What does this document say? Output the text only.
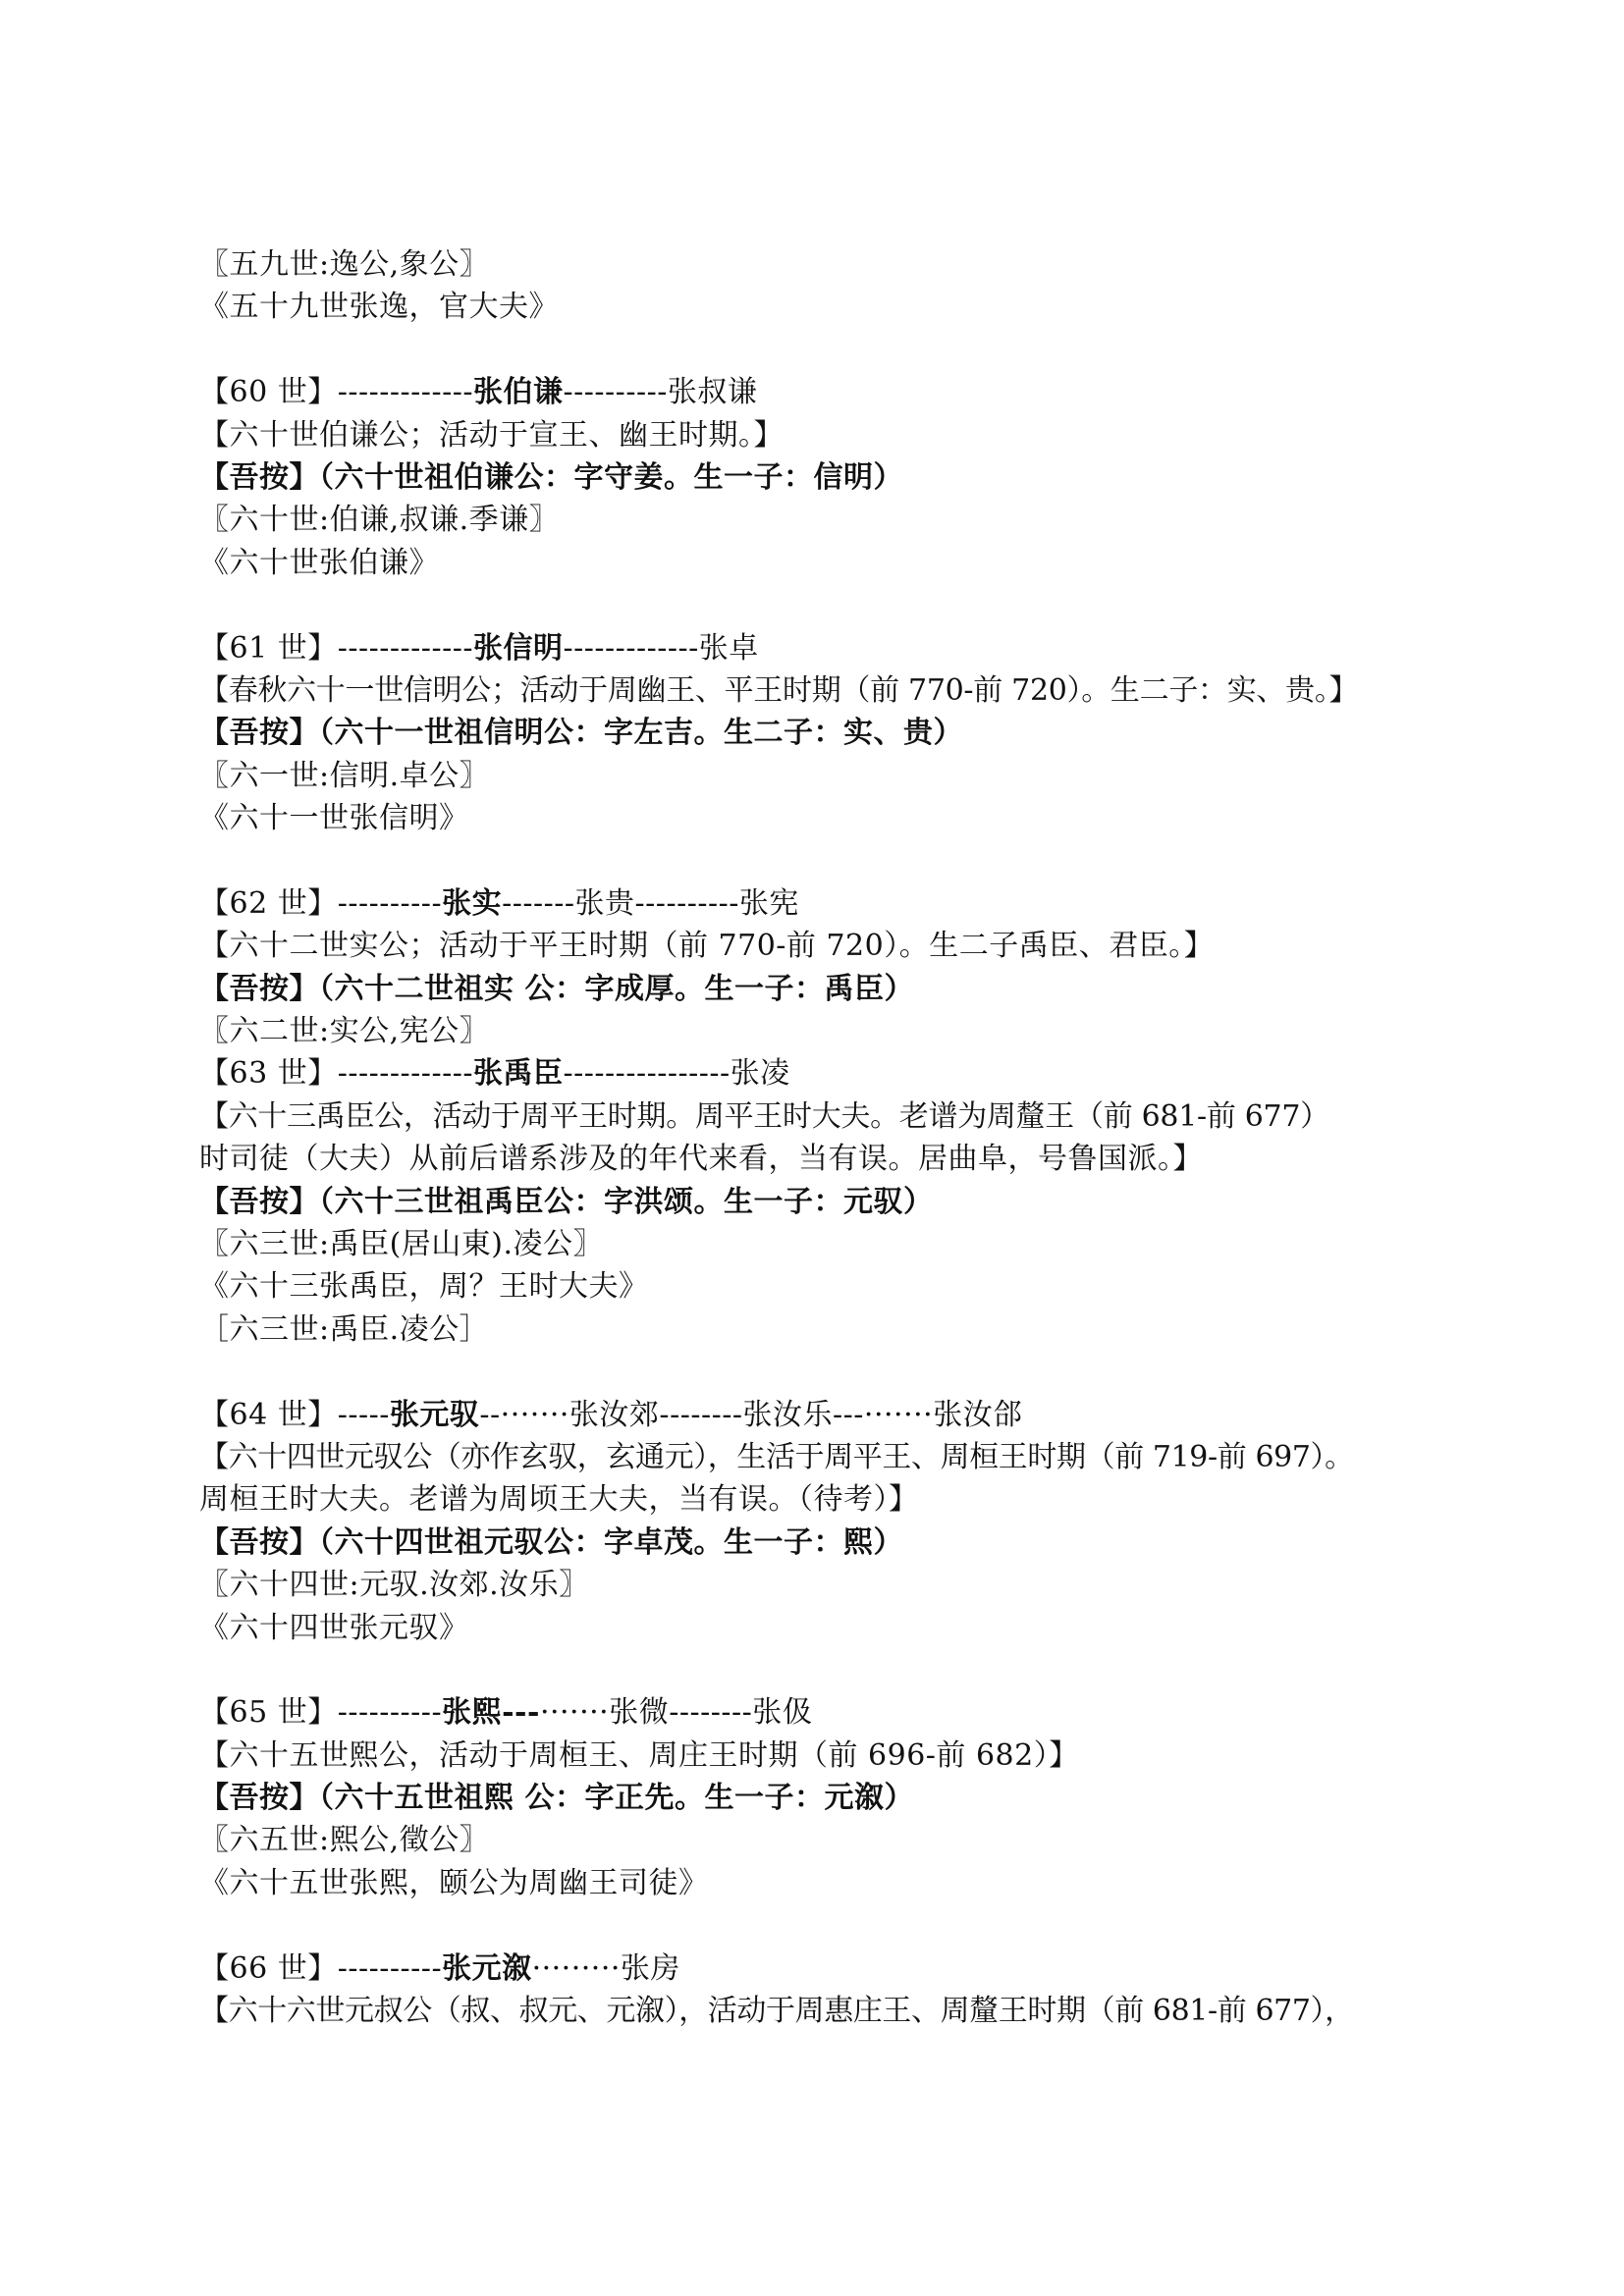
〖五九世:逸公,象公〗
《五十九世张逸，官大夫》
【60 世】-------------张伯谦----------张叔谦
【六十世伯谦公；活动于宣王、幽王时期。】
【吾按】（六十世祖伯谦公：字守姜。生一子：信明）
〖六十世:伯谦,叔谦.季谦〗
《六十世张伯谦》
【61 世】-------------张信明-------------张卓
【春秋六十一世信明公；活动于周幽王、平王时期（前 770-前 720）。生二子：实、贵。】
【吾按】（六十一世祖信明公：字左吉。生二子：实、贵）
〖六一世:信明.卓公〗
《六十一世张信明》
【62 世】----------张实-------张贵----------张宪
【六十二世实公；活动于平王时期（前 770-前 720）。生二子禹臣、君臣。】
【吾按】（六十二世祖实 公：字成厚。生一子：禹臣）
〖六二世:实公,宪公〗
【63 世】-------------张禹臣----------------张凌
【六十三禹臣公，活动于周平王时期。周平王时大夫。老谱为周釐王（前 681-前 677）
时司徒（大夫）从前后谱系涉及的年代来看，当有误。居曲阜，号鲁国派。】
【吾按】（六十三世祖禹臣公：字洪颂。生一子：元驭）
〖六三世:禹臣(居山東).凌公〗
《六十三张禹臣，周？王时大夫》
［六三世:禹臣.凌公］
【64 世】-----张元驭--·······张汝郊--------张汝乐---·······张汝郃
【六十四世元驭公（亦作玄驭，玄通元），生活于周平王、周桓王时期（前 719-前 697）。
周桓王时大夫。老谱为周顷王大夫，当有误。（待考）】
【吾按】（六十四世祖元驭公：字卓茂。生一子：熙）
〖六十四世:元驭.汝郊.汝乐〗
《六十四世张元驭》
【65 世】----------张熙---·······张微--------张伋
【六十五世熙公，活动于周桓王、周庄王时期（前 696-前 682）】
【吾按】（六十五世祖熙 公：字正先。生一子：元溆）
〖六五世:熙公,徵公〗
《六十五世张熙，颐公为周幽王司徒》
【66 世】----------张元溆·········张房
【六十六世元叔公（叔、叔元、元溆），活动于周惠庄王、周釐王时期（前 681-前 677），
